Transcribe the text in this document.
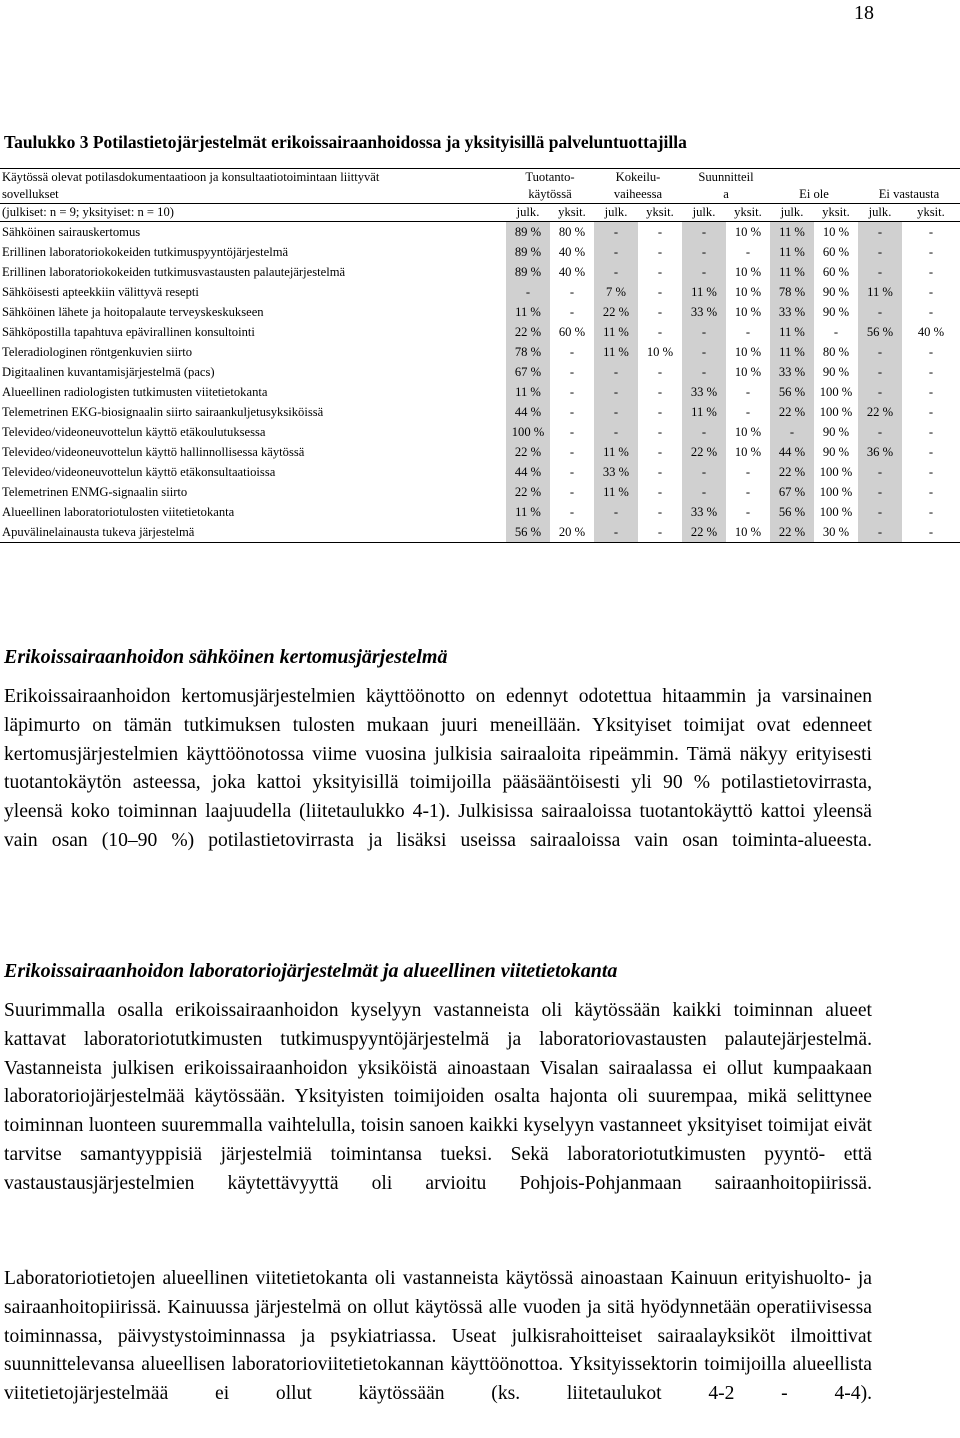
18
Taulukko 3 Potilastietojärjestelmät erikoissairaanhoidossa ja yksityisillä palveluntuottajilla
Käytössä olevat potilasdokumentaatioon ja konsultaatiotoimintaan liittyvät	Tuotanto-		Kokeilu-		Suunnitteil					
sovellukset	käytössä		vaiheessa		a		Ei ole		Ei vastausta	
(julkiset: n = 9; yksityiset: n = 10)	julk.	yksit.	julk.	yksit.	julk.	yksit.	julk.	yksit.	julk.	yksit.
Sähköinen sairauskertomus	89 %	80 %	-	-	-	10 %	11 %	10 %	-	-
Erillinen laboratoriokokeiden tutkimuspyyntöjärjestelmä	89 %	40 %	-	-	-	-	11 %	60 %	-	-
Erillinen laboratoriokokeiden tutkimusvastausten palautejärjestelmä	89 %	40 %	-	-	-	10 %	11 %	60 %	-	-
Sähköisesti apteekkiin välittyvä resepti	-	-	7 %	-	11 %	10 %	78 %	90 %	11 %	-
Sähköinen lähete ja hoitopalaute terveyskeskukseen	11 %	-	22 %	-	33 %	10 %	33 %	90 %	-	-
Sähköpostilla tapahtuva epävirallinen konsultointi	22 %	60 %	11 %	-	-	-	11 %	-	56 %	40 %
Teleradiologinen röntgenkuvien siirto	78 %	-	11 %	10 %	-	10 %	11 %	80 %	-	-
Digitaalinen kuvantamisjärjestelmä (pacs)	67 %	-	-	-	-	10 %	33 %	90 %	-	-
Alueellinen radiologisten tutkimusten viitetietokanta	11 %	-	-	-	33 %	-	56 %	100 %	-	-
Telemetrinen EKG-biosignaalin siirto sairaankuljetusyksiköissä	44 %	-	-	-	11 %	-	22 %	100 %	22 %	-
Televideo/videoneuvottelun käyttö etäkoulutuksessa	100 %	-	-	-	-	10 %	-	90 %	-	-
Televideo/videoneuvottelun käyttö hallinnollisessa käytössä	22 %	-	11 %	-	22 %	10 %	44 %	90 %	36 %	-
Televideo/videoneuvottelun käyttö etäkonsultaatioissa	44 %	-	33 %	-	-	-	22 %	100 %	-	-
Telemetrinen ENMG-signaalin siirto	22 %	-	11 %	-	-	-	67 %	100 %	-	-
Alueellinen laboratoriotulosten viitetietokanta	11 %	-	-	-	33 %	-	56 %	100 %	-	-
Apuvälinelainausta tukeva järjestelmä	56 %	20 %	-	-	22 %	10 %	22 %	30 %	-	-
Erikoissairaanhoidon sähköinen kertomusjärjestelmä

Erikoissairaanhoidon kertomusjärjestelmien käyttöönotto on edennyt odotettua hitaammin ja varsinainen läpimurto on tämän tutkimuksen tulosten mukaan juuri meneillään. Yksityiset toimijat ovat edenneet kertomusjärjestelmien käyttöönotossa viime vuosina julkisia sairaaloita ripeämmin. Tämä näkyy erityisesti tuotantokäytön asteessa, joka kattoi yksityisillä toimijoilla pääsääntöisesti yli 90 % potilastietovirrasta, yleensä koko toiminnan laajuudella (liitetaulukko 4-1). Julkisissa sairaaloissa tuotantokäyttö kattoi yleensä vain osan (10–90 %) potilastietovirrasta ja lisäksi useissa sairaaloissa vain osan toiminta-alueesta.

Erikoissairaanhoidon laboratoriojärjestelmät ja alueellinen viitetietokanta

Suurimmalla osalla erikoissairaanhoidon kyselyyn vastanneista oli käytössään kaikki toiminnan alueet kattavat laboratoriotutkimusten tutkimuspyyntöjärjestelmä ja laboratoriovastausten palautejärjestelmä. Vastanneista julkisen erikoissairaanhoidon yksiköistä ainoastaan Visalan sairaalassa ei ollut kumpaakaan laboratoriojärjestelmää käytössään. Yksityisten toimijoiden osalta hajonta oli suurempaa, mikä selittynee toiminnan luonteen suuremmalla vaihtelulla, toisin sanoen kaikki kyselyyn vastanneet yksityiset toimijat eivät tarvitse samantyyppisiä järjestelmiä toimintansa tueksi. Sekä laboratoriotutkimusten pyyntö- että vastaustausjärjestelmien käytettävyyttä oli arvioitu Pohjois-Pohjanmaan sairaanhoitopiirissä.

Laboratoriotietojen alueellinen viitetietokanta oli vastanneista käytössä ainoastaan Kainuun erityishuolto- ja sairaanhoitopiirissä. Kainuussa järjestelmä on ollut käytössä alle vuoden ja sitä hyödynnetään operatiivisessa toiminnassa, päivystystoiminnassa ja psykiatriassa. Useat julkisrahoitteiset sairaalayksiköt ilmoittivat suunnittelevansa alueellisen laboratorioviitetietokannan käyttöönottoa. Yksityissektorin toimijoilla alueellista viitetietojärjestelmää ei ollut käytössään (ks. liitetaulukot 4-2 - 4-4).
